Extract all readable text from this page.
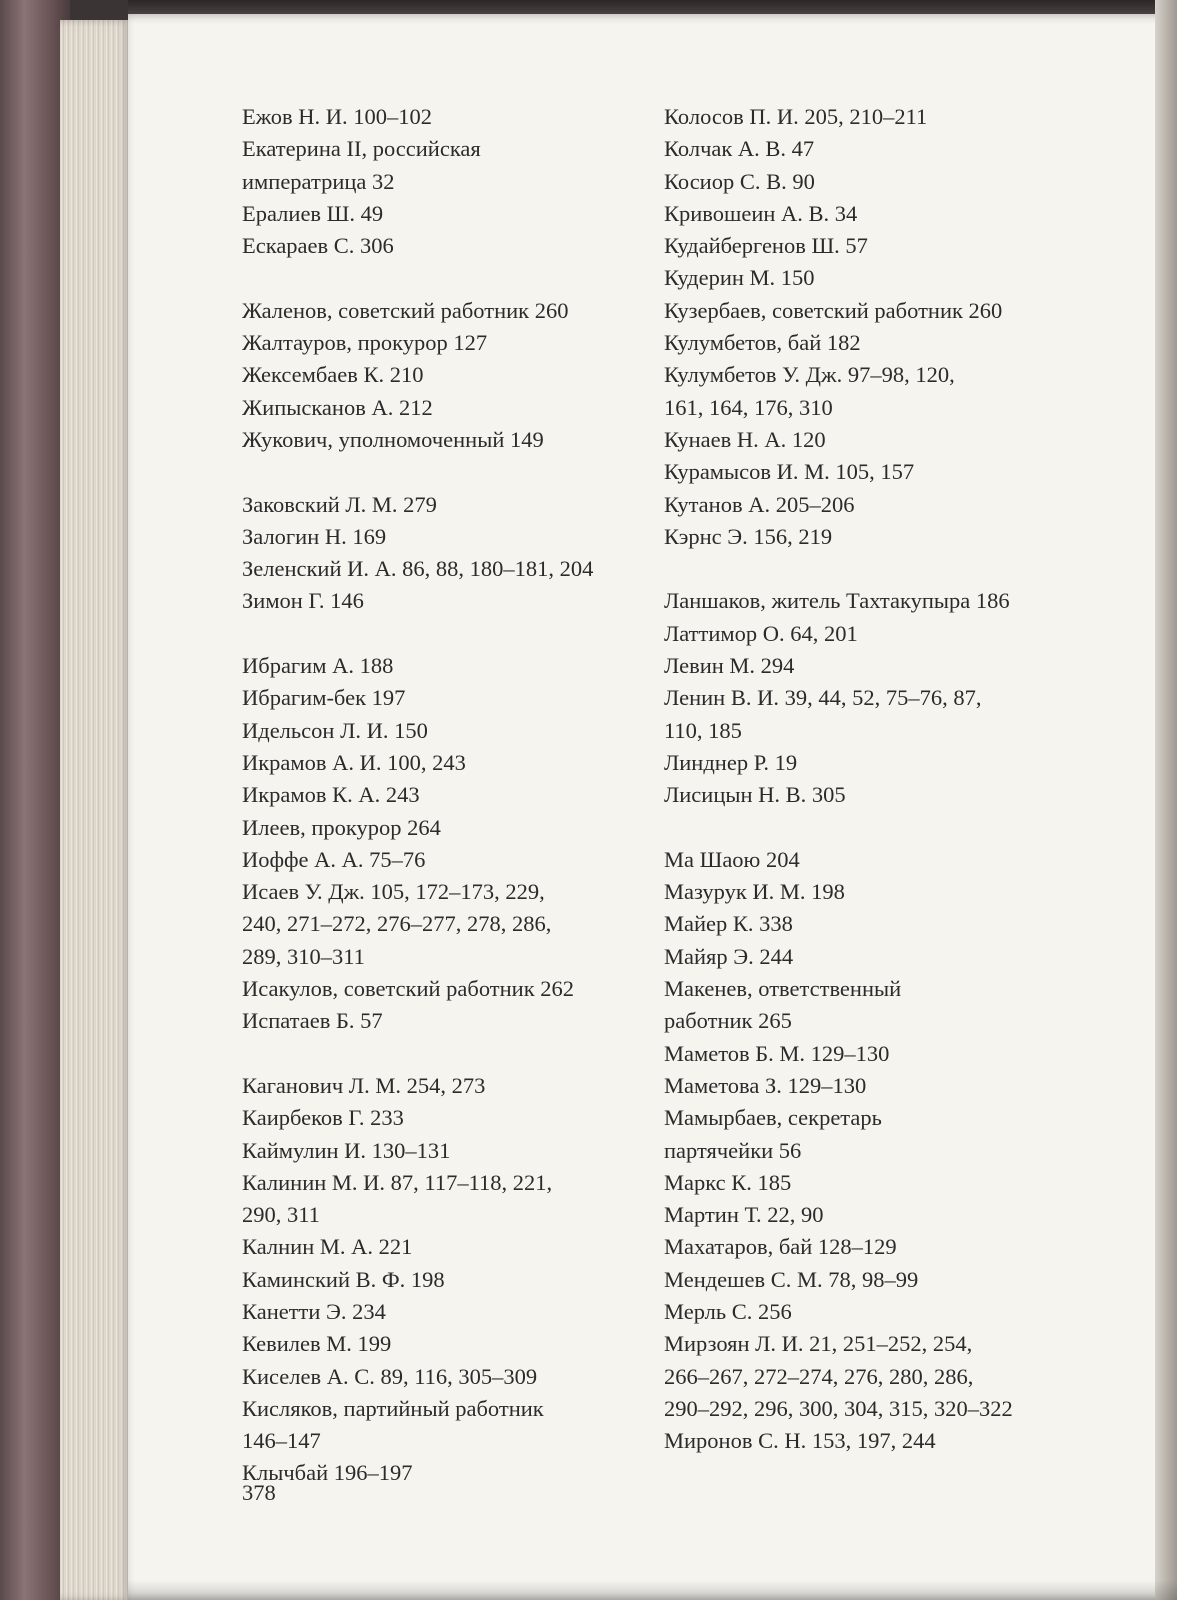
Ежов Н. И. 100–102
Екатерина II, российская
императрица 32
Ералиев Ш. 49
Ескараев С. 306
Жаленов, советский работник 260
Жалтауров, прокурор 127
Жексембаев К. 210
Жипысканов А. 212
Жукович, уполномоченный 149
Заковский Л. М. 279
Залогин Н. 169
Зеленский И. А. 86, 88, 180–181, 204
Зимон Г. 146
Ибрагим А. 188
Ибрагим-бек 197
Идельсон Л. И. 150
Икрамов А. И. 100, 243
Икрамов К. А. 243
Илеев, прокурор 264
Иоффе А. А. 75–76
Исаев У. Дж. 105, 172–173, 229,
240, 271–272, 276–277, 278, 286,
289, 310–311
Исакулов, советский работник 262
Испатаев Б. 57
Каганович Л. М. 254, 273
Каирбеков Г. 233
Каймулин И. 130–131
Калинин М. И. 87, 117–118, 221,
290, 311
Калнин М. А. 221
Каминский В. Ф. 198
Канетти Э. 234
Кевилев М. 199
Киселев А. С. 89, 116, 305–309
Кисляков, партийный работник
146–147
Клычбай 196–197
Колосов П. И. 205, 210–211
Колчак А. В. 47
Косиор С. В. 90
Кривошеин А. В. 34
Кудайбергенов Ш. 57
Кудерин М. 150
Кузербаев, советский работник 260
Кулумбетов, бай 182
Кулумбетов У. Дж. 97–98, 120,
161, 164, 176, 310
Кунаев Н. А. 120
Курамысов И. М. 105, 157
Кутанов А. 205–206
Кэрнс Э. 156, 219
Ланшаков, житель Тахтакупыра 186
Латтимор О. 64, 201
Левин М. 294
Ленин В. И. 39, 44, 52, 75–76, 87,
110, 185
Линднер Р. 19
Лисицын Н. В. 305
Ма Шаою 204
Мазурук И. М. 198
Майер К. 338
Майяр Э. 244
Макенев, ответственный
работник 265
Маметов Б. М. 129–130
Маметова З. 129–130
Мамырбаев, секретарь
партячейки 56
Маркс К. 185
Мартин Т. 22, 90
Махатаров, бай 128–129
Мендешев С. М. 78, 98–99
Мерль С. 256
Мирзоян Л. И. 21, 251–252, 254,
266–267, 272–274, 276, 280, 286,
290–292, 296, 300, 304, 315, 320–322
Миронов С. Н. 153, 197, 244
378
